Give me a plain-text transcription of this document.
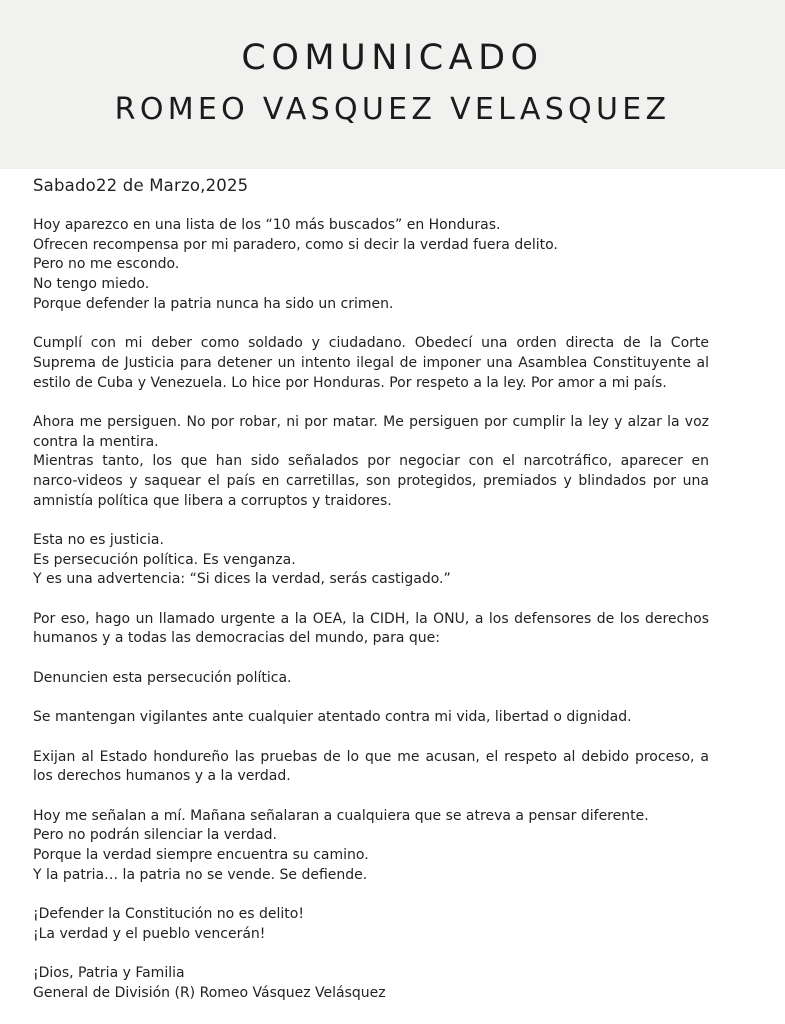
COMUNICADO
ROMEO VASQUEZ VELASQUEZ
Sabado22 de Marzo,2025
Hoy aparezco en una lista de los “10 más buscados” en Honduras.
Ofrecen recompensa por mi paradero, como si decir la verdad fuera delito.
Pero no me escondo.
No tengo miedo.
Porque defender la patria nunca ha sido un crimen.
Cumplí con mi deber como soldado y ciudadano. Obedecí una orden directa de la Corte
Suprema de Justicia para detener un intento ilegal de imponer una Asamblea Constituyente al
estilo de Cuba y Venezuela. Lo hice por Honduras. Por respeto a la ley. Por amor a mi país.
Ahora me persiguen. No por robar, ni por matar. Me persiguen por cumplir la ley y alzar la voz
contra la mentira.
Mientras tanto, los que han sido señalados por negociar con el narcotráfico, aparecer en
narco-videos y saquear el país en carretillas, son protegidos, premiados y blindados por una
amnistía política que libera a corruptos y traidores.
Esta no es justicia.
Es persecución política. Es venganza.
Y es una advertencia: “Si dices la verdad, serás castigado.”
Por eso, hago un llamado urgente a la OEA, la CIDH, la ONU, a los defensores de los derechos
humanos y a todas las democracias del mundo, para que:
Denuncien esta persecución política.
Se mantengan vigilantes ante cualquier atentado contra mi vida, libertad o dignidad.
Exijan al Estado hondureño las pruebas de lo que me acusan, el respeto al debido proceso, a
los derechos humanos y a la verdad.
Hoy me señalan a mí. Mañana señalaran a cualquiera que se atreva a pensar diferente.
Pero no podrán silenciar la verdad.
Porque la verdad siempre encuentra su camino.
Y la patria… la patria no se vende. Se defiende.
¡Defender la Constitución no es delito!
¡La verdad y el pueblo vencerán!
¡Dios, Patria y Familia
General de División (R) Romeo Vásquez Velásquez
